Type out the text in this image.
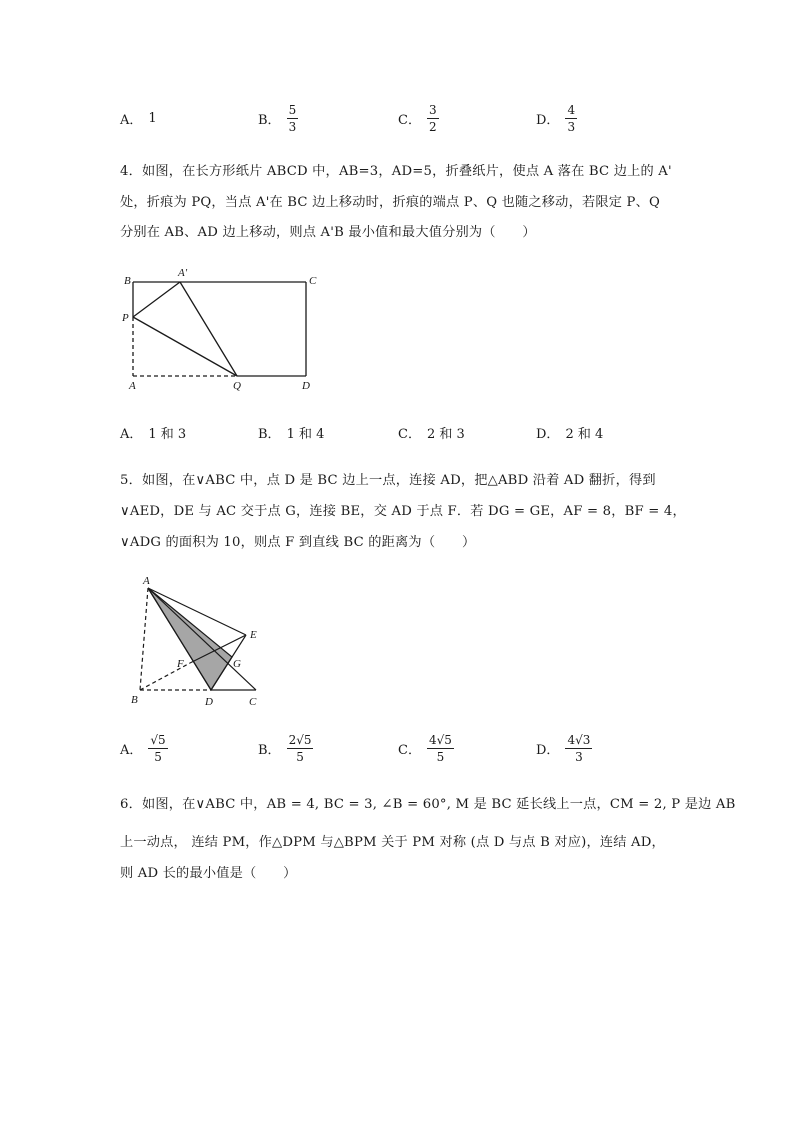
A． 1	B． $\frac{5}{3}$	C． $\frac{3}{2}$	D． $\frac{4}{3}$
4．如图，在长方形纸片 ABCD 中，AB=3，AD=5，折叠纸片，使点 A 落在 BC 边上的 A'
处，折痕为 PQ，当点 A'在 BC 边上移动时，折痕的端点 P、Q 也随之移动，若限定 P、Q
分别在 AB、AD 边上移动，则点 A'B 最小值和最大值分别为（　　）
B
A'
C
P
A	Q	D
A． 1 和 3	B． 1 和 4	C． 2 和 3	D． 2 和 4
5．如图，在∨ABC 中，点 D 是 BC 边上一点，连接 AD，把△ABD 沿着 AD 翻折，得到
∨AED，DE 与 AC 交于点 G，连接 BE，交 AD 于点 F．若 DG = GE，AF = 8，BF = 4，
∨ADG 的面积为 10，则点 F 到直线 BC 的距离为（　　）
A
E
F	G
B	D	C
A． $\frac{√5}{5}$	B． $\frac{2√5}{5}$	C． $\frac{4√5}{5}$	D． $\frac{4√3}{3}$
6．如图，在∨ABC 中，AB = 4, BC = 3, ∠B = 60°, M 是 BC 延长线上一点，CM = 2, P 是边 AB
上一动点， 连结 PM，作△DPM 与△BPM 关于 PM 对称 (点 D 与点 B 对应)，连结 AD，
则 AD 长的最小值是（　　）
